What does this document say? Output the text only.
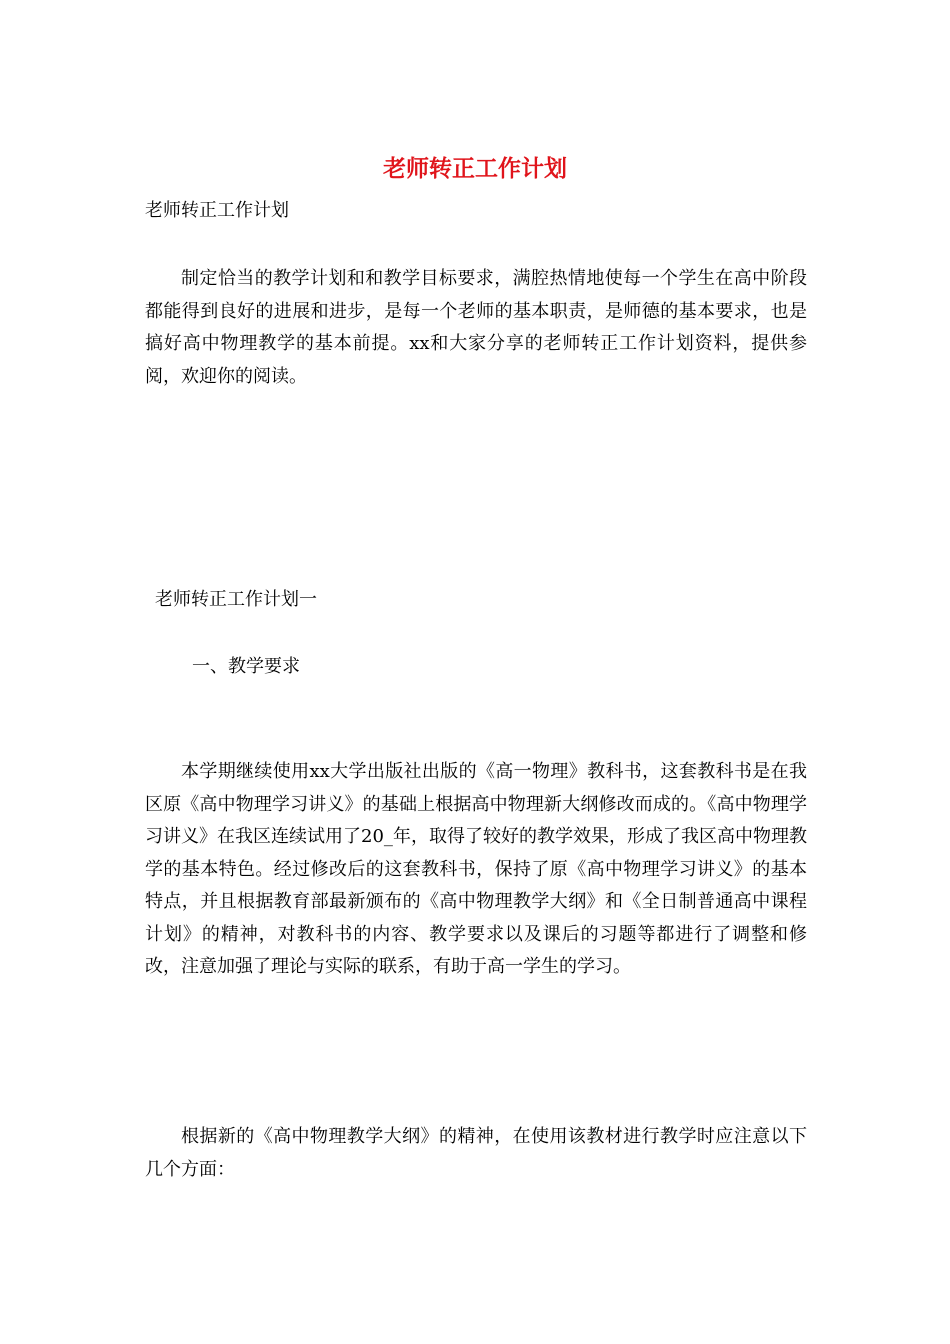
老师转正工作计划
老师转正工作计划

制定恰当的教学计划和和教学目标要求，满腔热情地使每一个学生在高中阶段都能得到良好的进展和进步，是每一个老师的基本职责，是师德的基本要求，也是搞好高中物理教学的基本前提。xx和大家分享的老师转正工作计划资料，提供参阅，欢迎你的阅读。

老师转正工作计划一
一、教学要求

本学期继续使用xx大学出版社出版的《高一物理》教科书，这套教科书是在我区原《高中物理学习讲义》的基础上根据高中物理新大纲修改而成的。《高中物理学习讲义》在我区连续试用了20_年，取得了较好的教学效果，形成了我区高中物理教学的基本特色。经过修改后的这套教科书，保持了原《高中物理学习讲义》的基本特点，并且根据教育部最新颁布的《高中物理教学大纲》和《全日制普通高中课程计划》的精神，对教科书的内容、教学要求以及课后的习题等都进行了调整和修改，注意加强了理论与实际的联系，有助于高一学生的学习。

根据新的《高中物理教学大纲》的精神，在使用该教材进行教学时应注意以下几个方面：
